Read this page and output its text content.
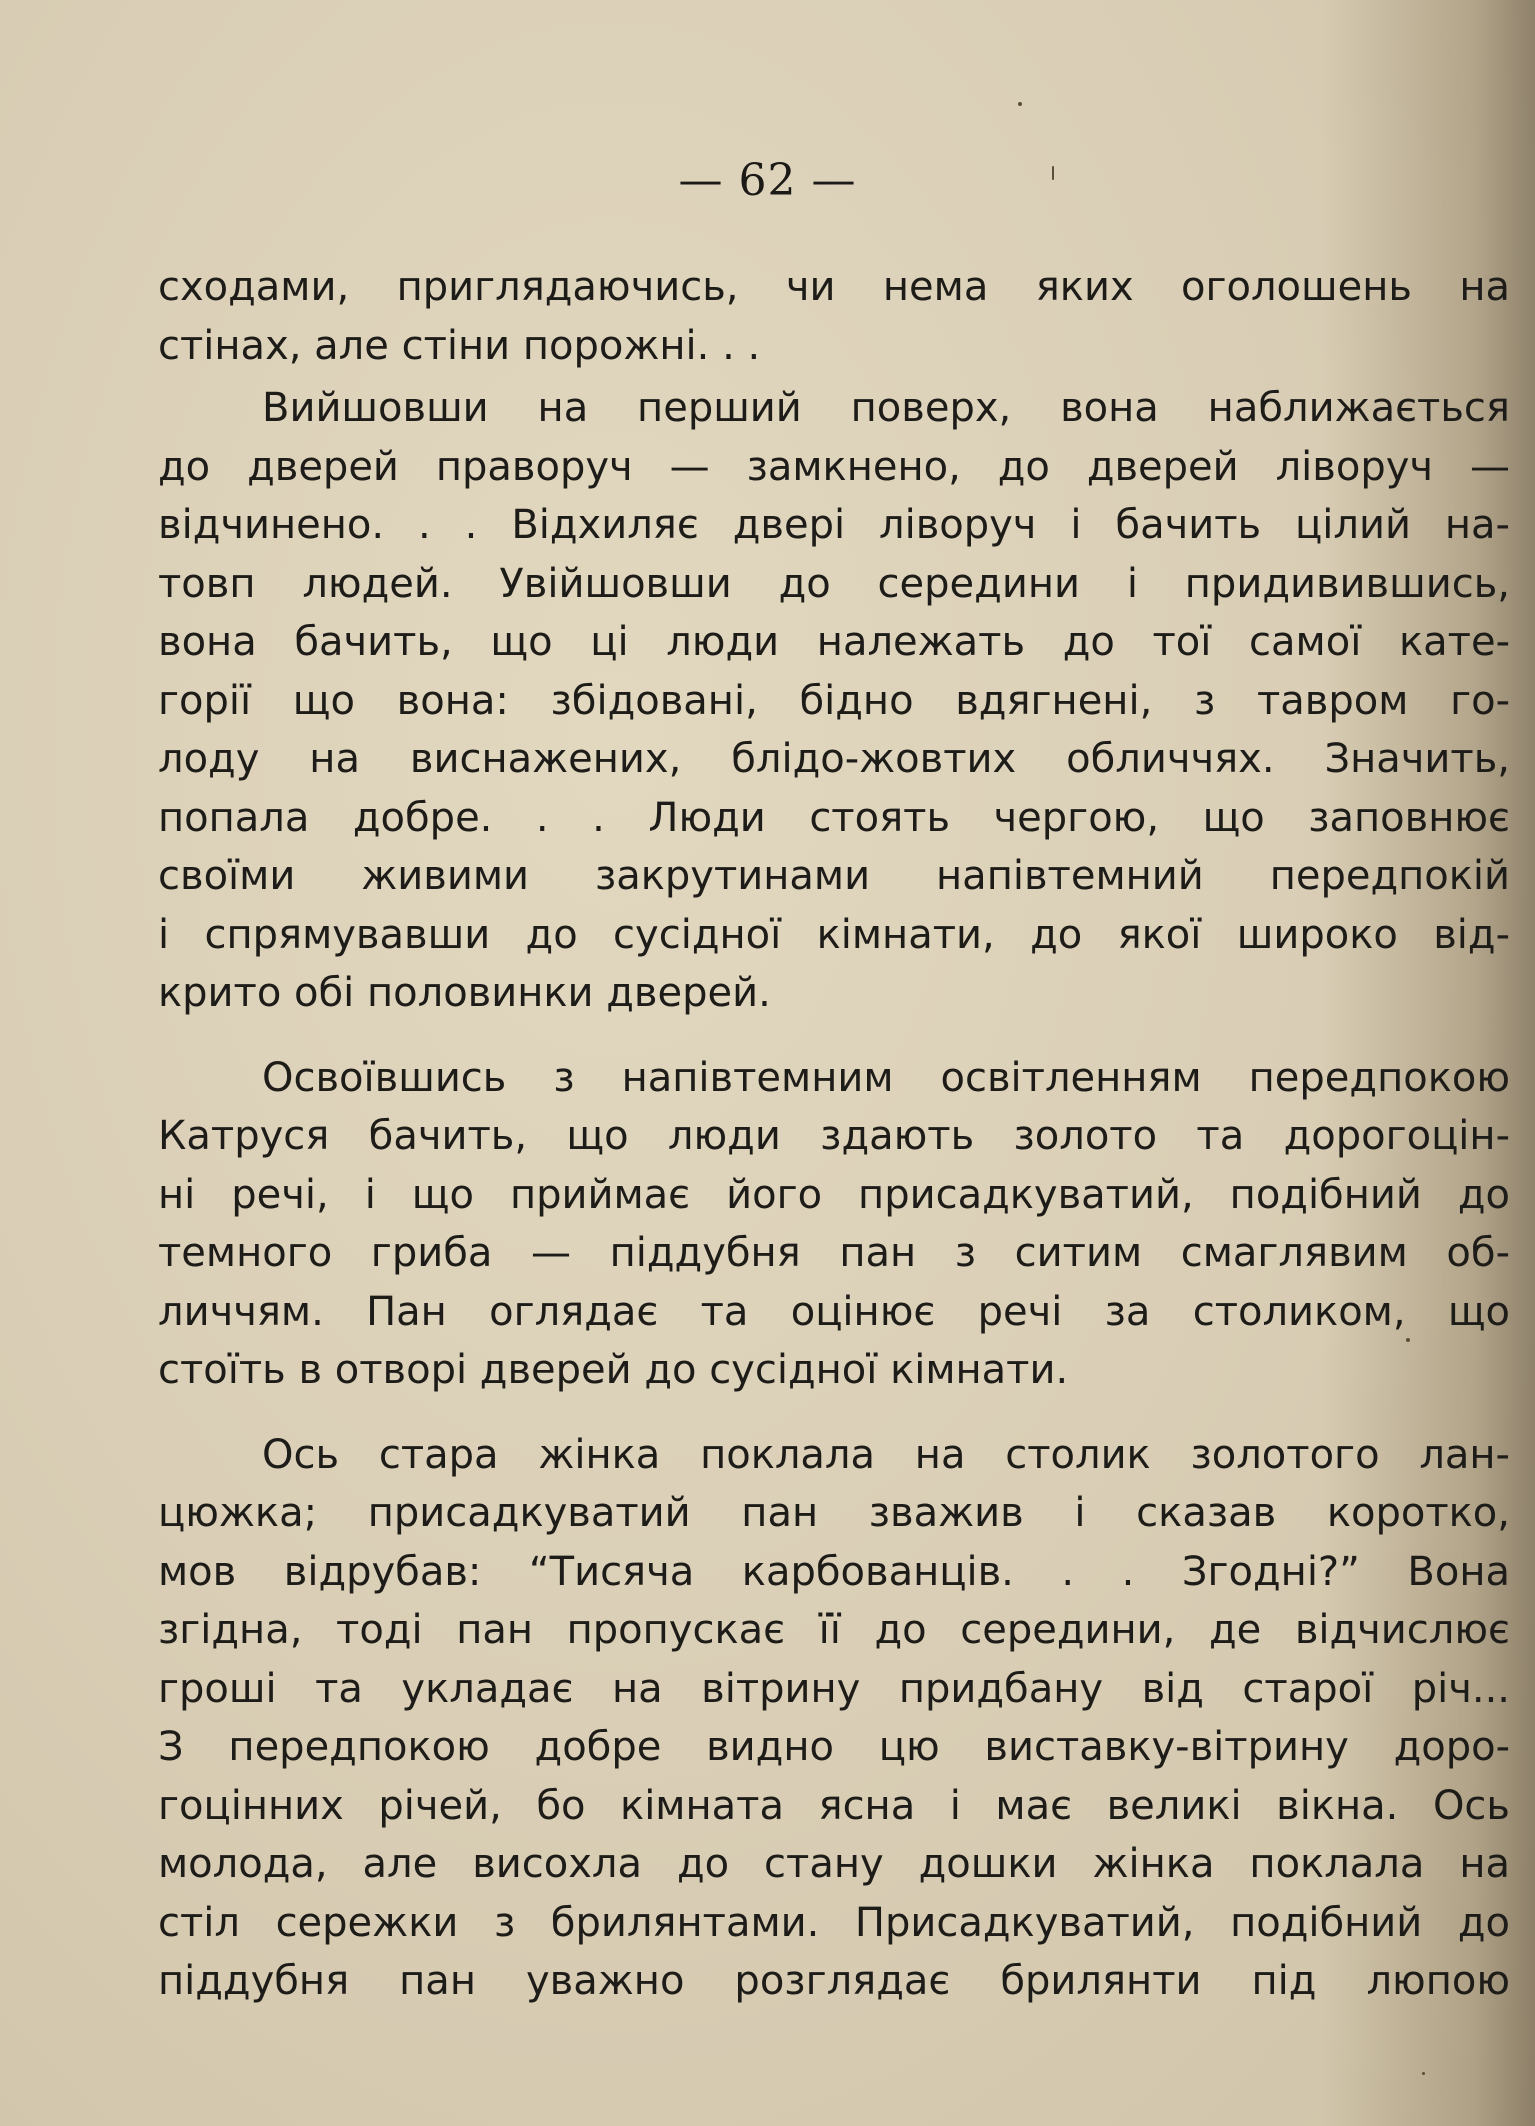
— 62 —
сходами, приглядаючись, чи нема яких оголошень на
стінах, але стіни порожні. . .
Вийшовши на перший поверх, вона наближається
до дверей праворуч — замкнено, до дверей ліворуч —
відчинено. . . Відхиляє двері ліворуч і бачить цілий на-
товп людей. Увійшовши до середини і придивившись,
вона бачить, що ці люди належать до тої самої кате-
горії що вона: збідовані, бідно вдягнені, з тавром го-
лоду на виснажених, блідо-жовтих обличчях. Значить,
попала добре. . . Люди стоять чергою, що заповнює
своїми живими закрутинами напівтемний передпокій
і спрямувавши до сусідної кімнати, до якої широко від-
крито обі половинки дверей.
Освоївшись з напівтемним освітленням передпокою
Катруся бачить, що люди здають золото та дорогоцін-
ні речі, і що приймає його присадкуватий, подібний до
темного гриба — піддубня пан з ситим смаглявим об-
личчям. Пан оглядає та оцінює речі за столиком, що
стоїть в отворі дверей до сусідної кімнати.
Ось стара жінка поклала на столик золотого лан-
цюжка; присадкуватий пан зважив і сказав коротко,
мов відрубав: “Тисяча карбованців. . . Згодні?” Вона
згідна, тоді пан пропускає її до середини, де відчислює
гроші та укладає на вітрину придбану від старої річ...
З передпокою добре видно цю виставку-вітрину доро-
гоцінних річей, бо кімната ясна і має великі вікна. Ось
молода, але висохла до стану дошки жінка поклала на
стіл сережки з брилянтами. Присадкуватий, подібний до
піддубня пан уважно розглядає брилянти під люпою
